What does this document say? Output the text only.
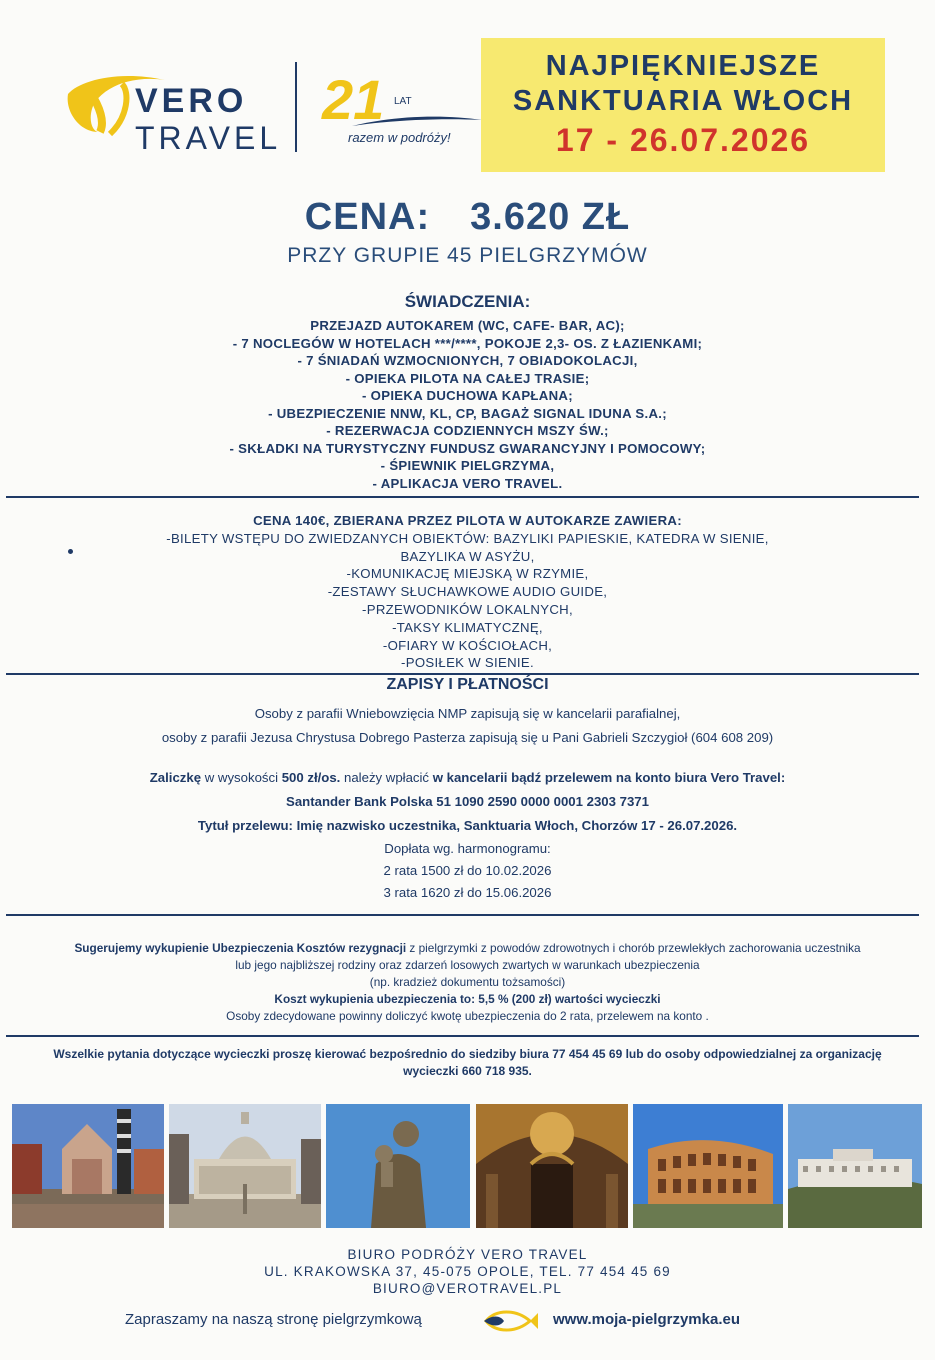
VERO
TRAVEL
21 LAT
razem w podróży!
NAJPIĘKNIEJSZE
SANKTUARIA WŁOCH
17 - 26.07.2026
CENA: 3.620 ZŁ
PRZY GRUPIE 45 PIELGRZYMÓW
ŚWIADCZENIA:
PRZEJAZD AUTOKAREM (WC, CAFE- BAR, AC);
- 7 NOCLEGÓW W HOTELACH ***/****, POKOJE 2,3- OS. Z ŁAZIENKAMI;
- 7 ŚNIADAŃ WZMOCNIONYCH, 7 OBIADOKOLACJI,
- OPIEKA PILOTA NA CAŁEJ TRASIE;
- OPIEKA DUCHOWA KAPŁANA;
- UBEZPIECZENIE NNW, KL, CP, BAGAŻ SIGNAL IDUNA S.A.;
- REZERWACJA CODZIENNYCH MSZY ŚW.;
- SKŁADKI NA TURYSTYCZNY FUNDUSZ GWARANCYJNY I POMOCOWY;
- ŚPIEWNIK PIELGRZYMA,
- APLIKACJA VERO TRAVEL.
CENA 140€, ZBIERANA PRZEZ PILOTA W AUTOKARZE ZAWIERA:
-BILETY WSTĘPU DO ZWIEDZANYCH OBIEKTÓW: BAZYLIKI PAPIESKIE, KATEDRA W SIENIE,
BAZYLIKA W ASYŻU,
-KOMUNIKACJĘ MIEJSKĄ W RZYMIE,
-ZESTAWY SŁUCHAWKOWE AUDIO GUIDE,
-PRZEWODNIKÓW LOKALNYCH,
-TAKSY KLIMATYCZNĘ,
-OFIARY W KOŚCIOŁACH,
-POSIŁEK W SIENIE.
ZAPISY I PŁATNOŚCI
Osoby z parafii Wniebowzięcia NMP zapisują się w kancelarii parafialnej,
osoby z parafii Jezusa Chrystusa Dobrego Pasterza zapisują się u Pani Gabrieli Szczygioł (604 608 209)
Zaliczkę w wysokości 500 zł/os. należy wpłacić w kancelarii bądź przelewem na konto biura Vero Travel:
Santander Bank Polska 51 1090 2590 0000 0001 2303 7371
Tytuł przelewu: Imię nazwisko uczestnika, Sanktuaria Włoch, Chorzów 17 - 26.07.2026.
Dopłata wg. harmonogramu:
2 rata 1500 zł do 10.02.2026
3 rata 1620 zł do 15.06.2026
Sugerujemy wykupienie Ubezpieczenia Kosztów rezygnacji z pielgrzymki z powodów zdrowotnych i chorób przewlekłych zachorowania uczestnika
lub jego najbliższej rodziny oraz zdarzeń losowych zwartych w warunkach ubezpieczenia
(np. kradzież dokumentu tożsamości)
Koszt wykupienia ubezpieczenia to: 5,5 % (200 zł) wartości wycieczki
Osoby zdecydowane powinny doliczyć kwotę ubezpieczenia do 2 rata, przelewem na konto .
Wszelkie pytania dotyczące wycieczki proszę kierować bezpośrednio do siedziby biura 77 454 45 69 lub do osoby odpowiedzialnej za organizację
wycieczki 660 718 935.
BIURO PODRÓŻY VERO TRAVEL
UL. KRAKOWSKA 37, 45-075 OPOLE, TEL. 77 454 45 69
BIURO@VEROTRAVEL.PL
Zapraszamy na naszą stronę pielgrzymkową	www.moja-pielgrzymka.eu
